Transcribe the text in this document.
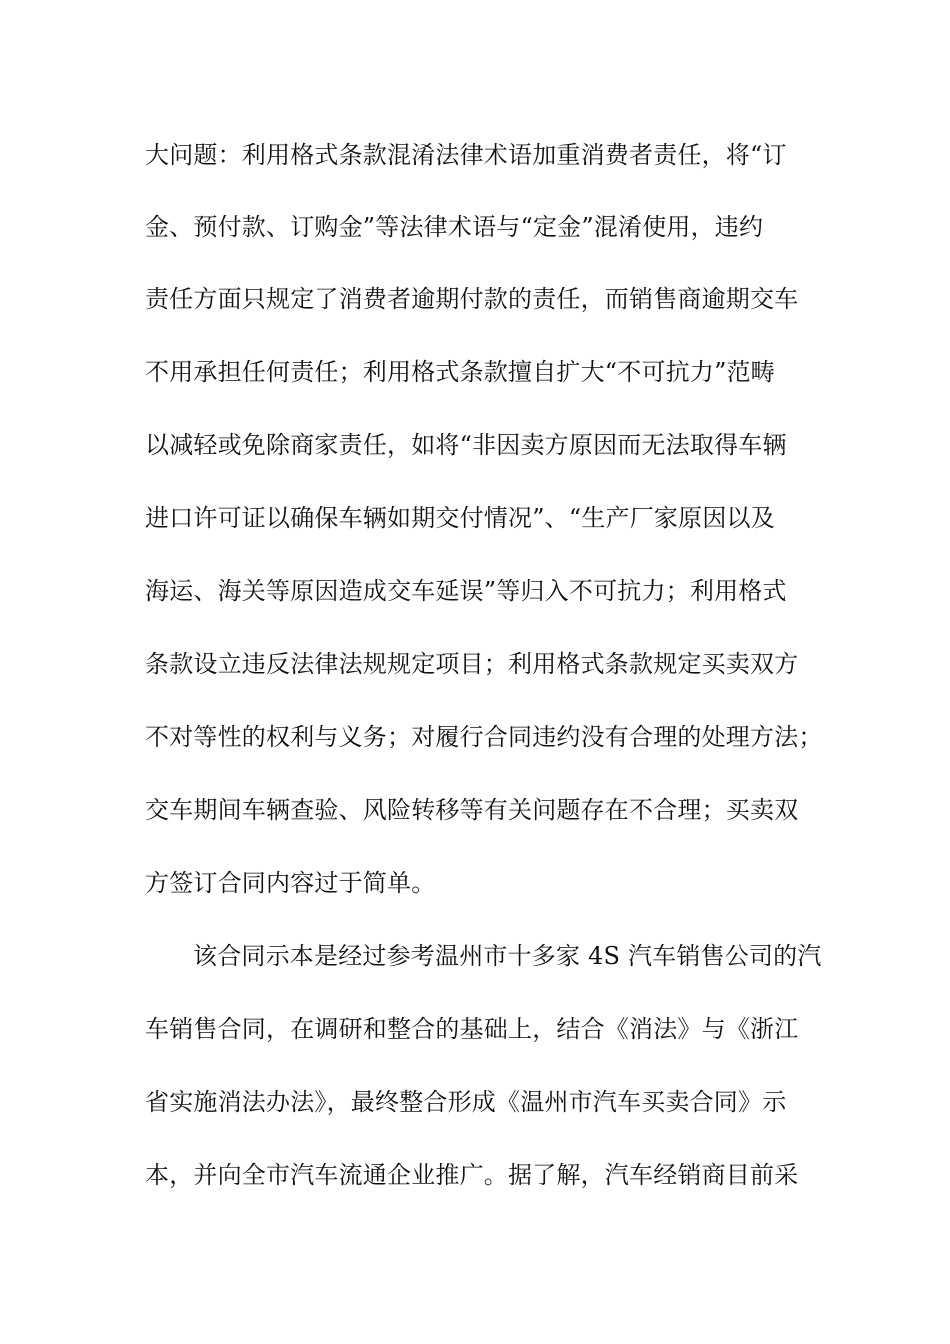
大问题：利用格式条款混淆法律术语加重消费者责任，将“订
金、预付款、订购金”等法律术语与“定金”混淆使用，违约
责任方面只规定了消费者逾期付款的责任，而销售商逾期交车
不用承担任何责任；利用格式条款擅自扩大“不可抗力”范畴
以减轻或免除商家责任，如将“非因卖方原因而无法取得车辆
进口许可证以确保车辆如期交付情况”、“生产厂家原因以及
海运、海关等原因造成交车延误”等归入不可抗力；利用格式
条款设立违反法律法规规定项目；利用格式条款规定买卖双方
不对等性的权利与义务；对履行合同违约没有合理的处理方法；
交车期间车辆查验、风险转移等有关问题存在不合理；买卖双
方签订合同内容过于简单。
该合同示本是经过参考温州市十多家 4S 汽车销售公司的汽
车销售合同，在调研和整合的基础上，结合《消法》与《浙江
省实施消法办法》，最终整合形成《温州市汽车买卖合同》示
本，并向全市汽车流通企业推广。据了解，汽车经销商目前采
